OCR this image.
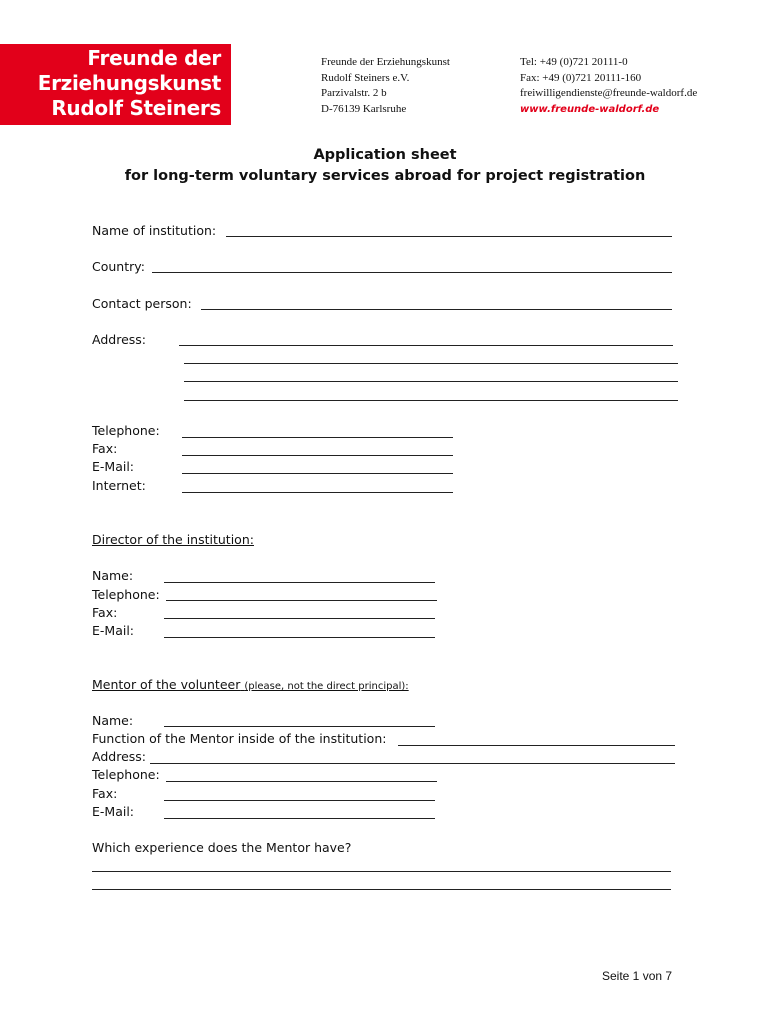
Freunde der
Erziehungskunst
Rudolf Steiners
Freunde der Erziehungskunst
Rudolf Steiners e.V.
Parzivalstr. 2 b
D-76139 Karlsruhe
Tel: +49 (0)721 20111-0
Fax: +49 (0)721 20111-160
freiwilligendienste@freunde-waldorf.de
www.freunde-waldorf.de
Application sheet
for long-term voluntary services abroad for project registration
Name of institution:
Country:
Contact person:
Address:
Telephone:
Fax:
E-Mail:
Internet:
Director of the institution:
Name:
Telephone:
Fax:
E-Mail:
Mentor of the volunteer (please, not the direct principal):
Name:
Function of the Mentor inside of the institution:
Address:
Telephone:
Fax:
E-Mail:
Which experience does the Mentor have?
Seite 1 von 7
